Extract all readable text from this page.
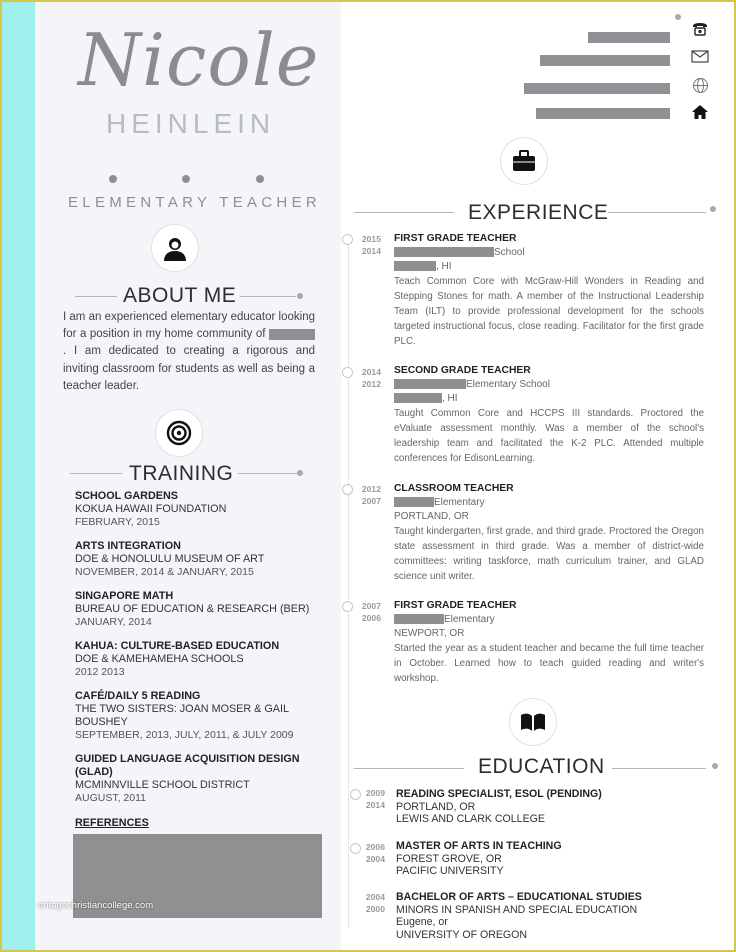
Nicole
HEINLEIN
ELEMENTARY TEACHER
ABOUT ME
I am an experienced elementary educator looking for a position in my home community of . I am dedicated to creating a rigorous and inviting classroom for students as well as being a teacher leader.
TRAINING
SCHOOL GARDENS
KOKUA HAWAII FOUNDATION
FEBRUARY, 2015
ARTS INTEGRATION
DOE & HONOLULU MUSEUM OF ART
NOVEMBER, 2014 & JANUARY, 2015
SINGAPORE MATH
BUREAU OF EDUCATION & RESEARCH (BER)
JANUARY, 2014
KAHUA: CULTURE-BASED EDUCATION
DOE & KAMEHAMEHA SCHOOLS
2012 2013
CAFÉ/DAILY 5 READING
THE TWO SISTERS: JOAN MOSER & GAIL BOUSHEY
SEPTEMBER, 2013, JULY, 2011, & JULY 2009
GUIDED LANGUAGE ACQUISITION DESIGN (GLAD)
MCMINNVILLE SCHOOL DISTRICT
AUGUST, 2011
REFERENCES
eritagechristiancollege.com
EXPERIENCE
2015
2014
FIRST GRADE TEACHER
School
, HI
Teach Common Core with McGraw-Hill Wonders in Reading and Stepping Stones for math. A member of the Instructional Leadership Team (ILT) to provide professional development for the schools targeted instructional focus, close reading. Facilitator for the first grade PLC.
2014
2012
SECOND GRADE TEACHER
Elementary School
, HI
Taught Common Core and HCCPS III standards. Proctored the eValuate assessment monthly. Was a member of the school's leadership team and facilitated the K-2 PLC. Attended multiple conferences for EdisonLearning.
2012
2007
CLASSROOM TEACHER
Elementary
PORTLAND, OR
Taught kindergarten, first grade, and third grade. Proctored the Oregon state assessment in third grade. Was a member of district-wide committees: writing taskforce, math curriculum trainer, and GLAD science unit writer.
2007
2006
FIRST GRADE TEACHER
Elementary
NEWPORT, OR
Started the year as a student teacher and became the full time teacher in October. Learned how to teach guided reading and writer's workshop.
EDUCATION
2009
2014
READING SPECIALIST, ESOL (PENDING)
PORTLAND, OR
LEWIS AND CLARK COLLEGE
2006
2004
MASTER OF ARTS IN TEACHING
FOREST GROVE, OR
PACIFIC UNIVERSITY
2004
2000
BACHELOR OF ARTS – EDUCATIONAL STUDIES
MINORS IN SPANISH AND SPECIAL EDUCATION
Eugene, or
UNIVERSITY OF OREGON
